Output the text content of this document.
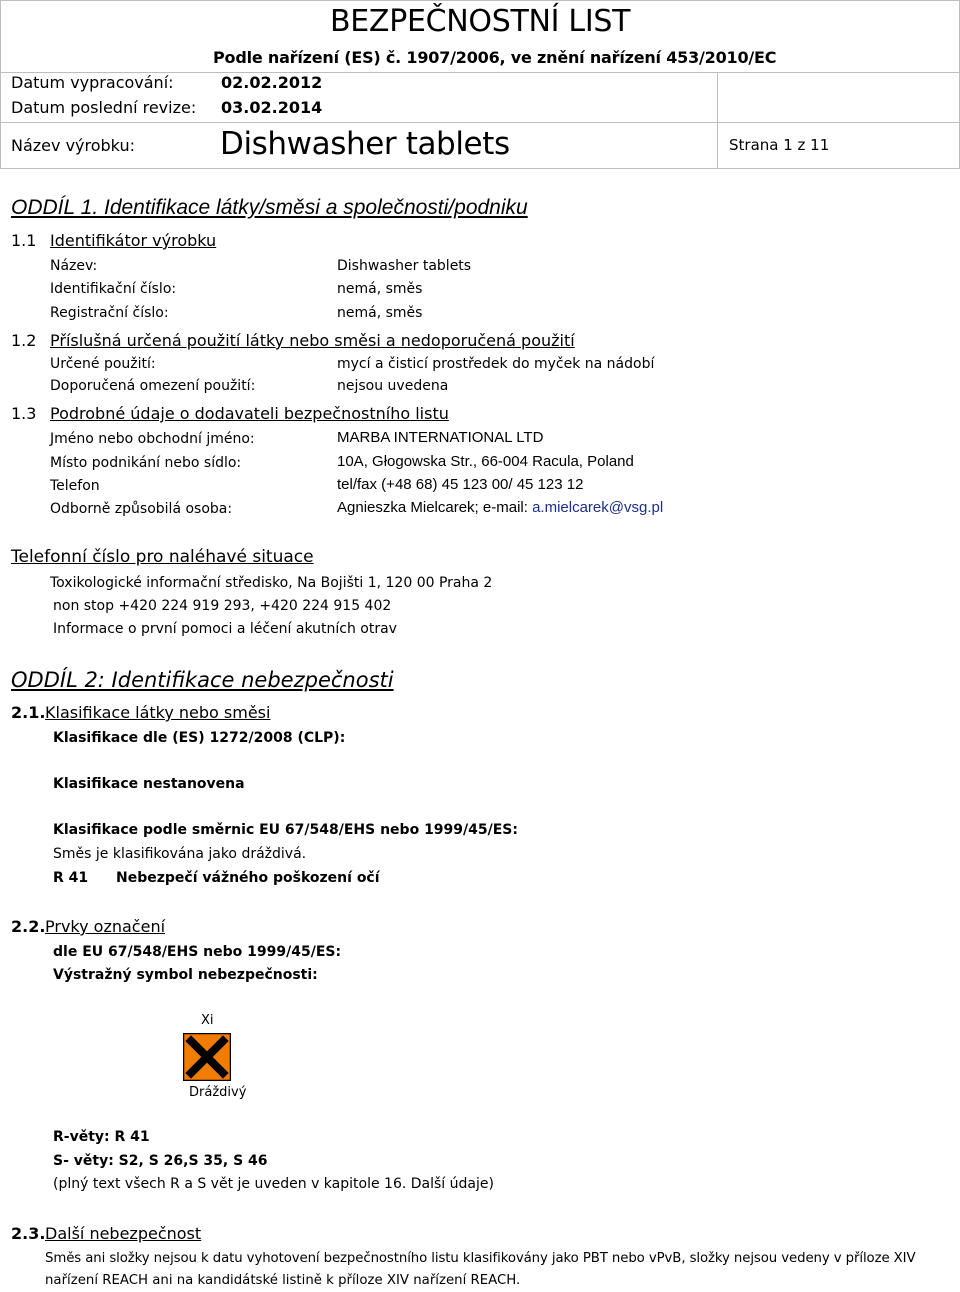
BEZPEČNOSTNÍ LIST
Podle nařízení (ES) č. 1907/2006, ve znění nařízení 453/2010/EC
Datum vypracování:	02.02.2012
Datum poslední revize: 03.02.2014
Název výrobku:	Dishwasher tablets	Strana 1 z 11
ODDÍL 1. Identifikace látky/směsi a společnosti/podniku
1.1 Identifikátor výrobku
Název:	Dishwasher tablets
Identifikační číslo:	nemá, směs
Registrační číslo:	nemá, směs
1.2 Příslušná určená použití látky nebo směsi a nedoporučená použití
Určené použití:	mycí a čisticí prostředek do myček na nádobí
Doporučená omezení použití:	nejsou uvedena
1.3 Podrobné údaje o dodavateli bezpečnostního listu
Jméno nebo obchodní jméno:	MARBA INTERNATIONAL LTD
Místo podnikání nebo sídlo:	10A, Głogowska Str., 66-004 Racula, Poland
Telefon	tel/fax (+48 68) 45 123 00/ 45 123 12
Odborně způsobilá osoba:	Agnieszka Mielcarek; e-mail: a.mielcarek@vsg.pl
Telefonní číslo pro naléhavé situace
Toxikologické informační středisko, Na Bojišti 1, 120 00 Praha 2
non stop +420 224 919 293, +420 224 915 402
Informace o první pomoci a léčení akutních otrav
ODDÍL 2: Identifikace nebezpečnosti
2.1. Klasifikace látky nebo směsi
Klasifikace dle (ES) 1272/2008 (CLP):
Klasifikace nestanovena
Klasifikace podle směrnic EU 67/548/EHS nebo 1999/45/ES:
Směs je klasifikována jako dráždivá.
R 41 Nebezpečí vážného poškození očí
2.2. Prvky označení
dle EU 67/548/EHS nebo 1999/45/ES:
Výstražný symbol nebezpečnosti:
Xi
Dráždivý
R-věty: R 41
S- věty: S2, S 26,S 35, S 46
(plný text všech R a S vět je uveden v kapitole 16. Další údaje)
2.3. Další nebezpečnost
Směs ani složky nejsou k datu vyhotovení bezpečnostního listu klasifikovány jako PBT nebo vPvB, složky nejsou vedeny v příloze XIV
nařízení REACH ani na kandidátské listině k příloze XIV nařízení REACH.
